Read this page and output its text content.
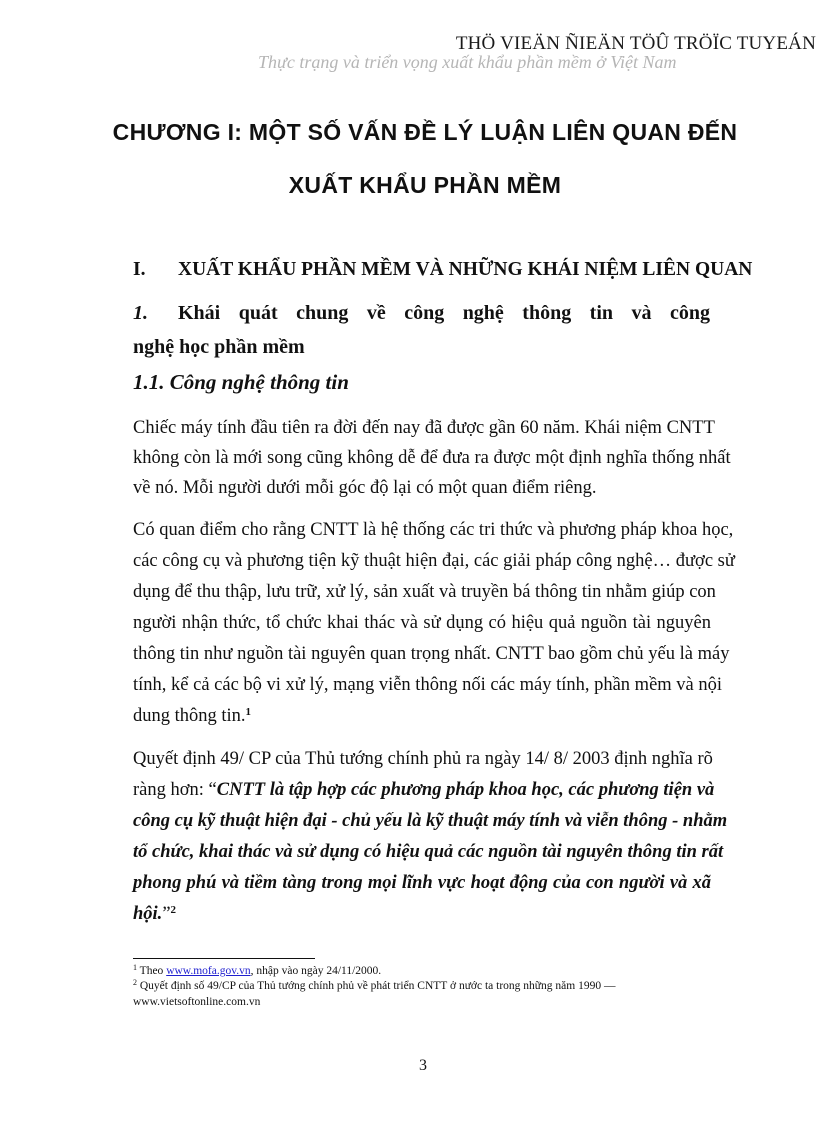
THÖ VIEÄN ÑIEÄN TÖÛ TRÖÏC TUYEÁN
Thực trạng và triển vọng xuất khẩu phần mềm ở Việt Nam
CHƯƠNG I: MỘT SỐ VẤN ĐỀ LÝ LUẬN LIÊN QUAN ĐẾN
XUẤT KHẨU PHẦN MỀM
I. XUẤT KHẨU PHẦN MỀM VÀ NHỮNG KHÁI NIỆM LIÊN QUAN
1. Khái quát chung về công nghệ thông tin và công
nghệ học phần mềm
1.1. Công nghệ thông tin

Chiếc máy tính đầu tiên ra đời đến nay đã được gần 60 năm. Khái niệm CNTT

không còn là mới song cũng không dễ để đưa ra được một định nghĩa thống nhất

về nó. Mỗi người dưới mỗi góc độ lại có một quan điểm riêng.

Có quan điểm cho rằng CNTT là hệ thống các tri thức và phương pháp khoa học,

các công cụ và phương tiện kỹ thuật hiện đại, các giải pháp công nghệ… được sử

dụng để thu thập, lưu trữ, xử lý, sản xuất và truyền bá thông tin nhằm giúp con

người nhận thức, tổ chức khai thác và sử dụng có hiệu quả nguồn tài nguyên

thông tin như nguồn tài nguyên quan trọng nhất. CNTT bao gồm chủ yếu là máy

tính, kể cả các bộ vi xử lý, mạng viễn thông nối các máy tính, phần mềm và nội

dung thông tin.$^1$

Quyết định 49/ CP của Thủ tướng chính phủ ra ngày 14/ 8/ 2003 định nghĩa rõ

ràng hơn: “CNTT là tập hợp các phương pháp khoa học, các phương tiện và

công cụ kỹ thuật hiện đại - chủ yếu là kỹ thuật máy tính và viễn thông - nhằm

tổ chức, khai thác và sử dụng có hiệu quả các nguồn tài nguyên thông tin rất

phong phú và tiềm tàng trong mọi lĩnh vực hoạt động của con người và xã

hội.”$^2$

$^1$ Theo www.mofa.gov.vn, nhập vào ngày 24/11/2000.
$^2$ Quyết định số 49/CP của Thủ tướng chính phủ về phát triển CNTT ở nước ta trong những năm 1990 —
www.vietsoftonline.com.vn
3
